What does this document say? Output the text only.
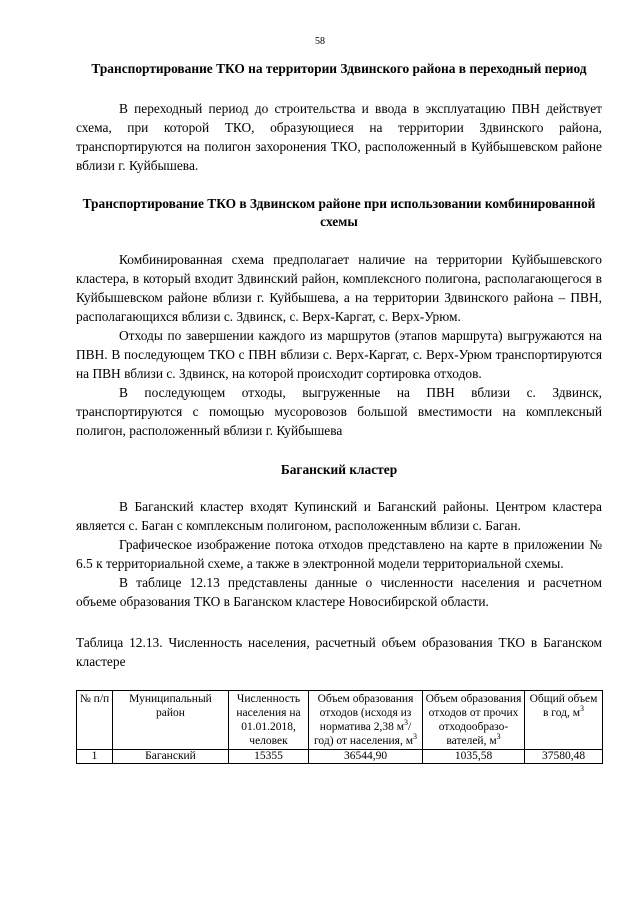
58
Транспортирование ТКО на территории Здвинского района в переходный период

В переходный период до строительства и ввода в эксплуатацию ПВН действует схема, при которой ТКО, образующиеся на территории Здвинского района, транспортируются на полигон захоронения ТКО, расположенный в Куйбышевском районе вблизи г. Куйбышева.

Транспортирование ТКО в Здвинском районе при использовании комбинированной схемы

Комбинированная схема предполагает наличие на территории Куйбышевского кластера, в который входит Здвинский район, комплексного полигона, располагающегося в Куйбышевском районе вблизи г. Куйбышева, а на территории Здвинского района – ПВН, располагающихся вблизи с. Здвинск, с. Верх-Каргат, с. Верх-Урюм.

Отходы по завершении каждого из маршрутов (этапов маршрута) выгружаются на ПВН. В последующем ТКО с ПВН вблизи с. Верх-Каргат, с. Верх-Урюм транспортируются на ПВН вблизи с. Здвинск, на которой происходит сортировка отходов.

В последующем отходы, выгруженные на ПВН вблизи с. Здвинск, транспортируются с помощью мусоровозов большой вместимости на комплексный полигон, расположенный вблизи г. Куйбышева

Баганский кластер

В Баганский кластер входят Купинский и Баганский районы. Центром кластера является с. Баган с комплексным полигоном, расположенным вблизи с. Баган.

Графическое изображение потока отходов представлено на карте в приложении № 6.5 к территориальной схеме, а также в электронной модели территориальной схемы.

В таблице 12.13 представлены данные о численности населения и расчетном объеме образования ТКО в Баганском кластере Новосибирской области.

Таблица 12.13. Численность населения, расчетный объем образования ТКО в Баганском кластере

№ п/п	Муниципальный район	Численность населения на 01.01.2018, человек	Объем образования отходов (исходя из норматива 2,38 $м^3/год$) от населения, $м^3$	Объем образования отходов от прочих отходообразо-вателей, $м^3$	Общий объем в год, $м^3$
1	Баганский	15355	36544,90	1035,58	37580,48
